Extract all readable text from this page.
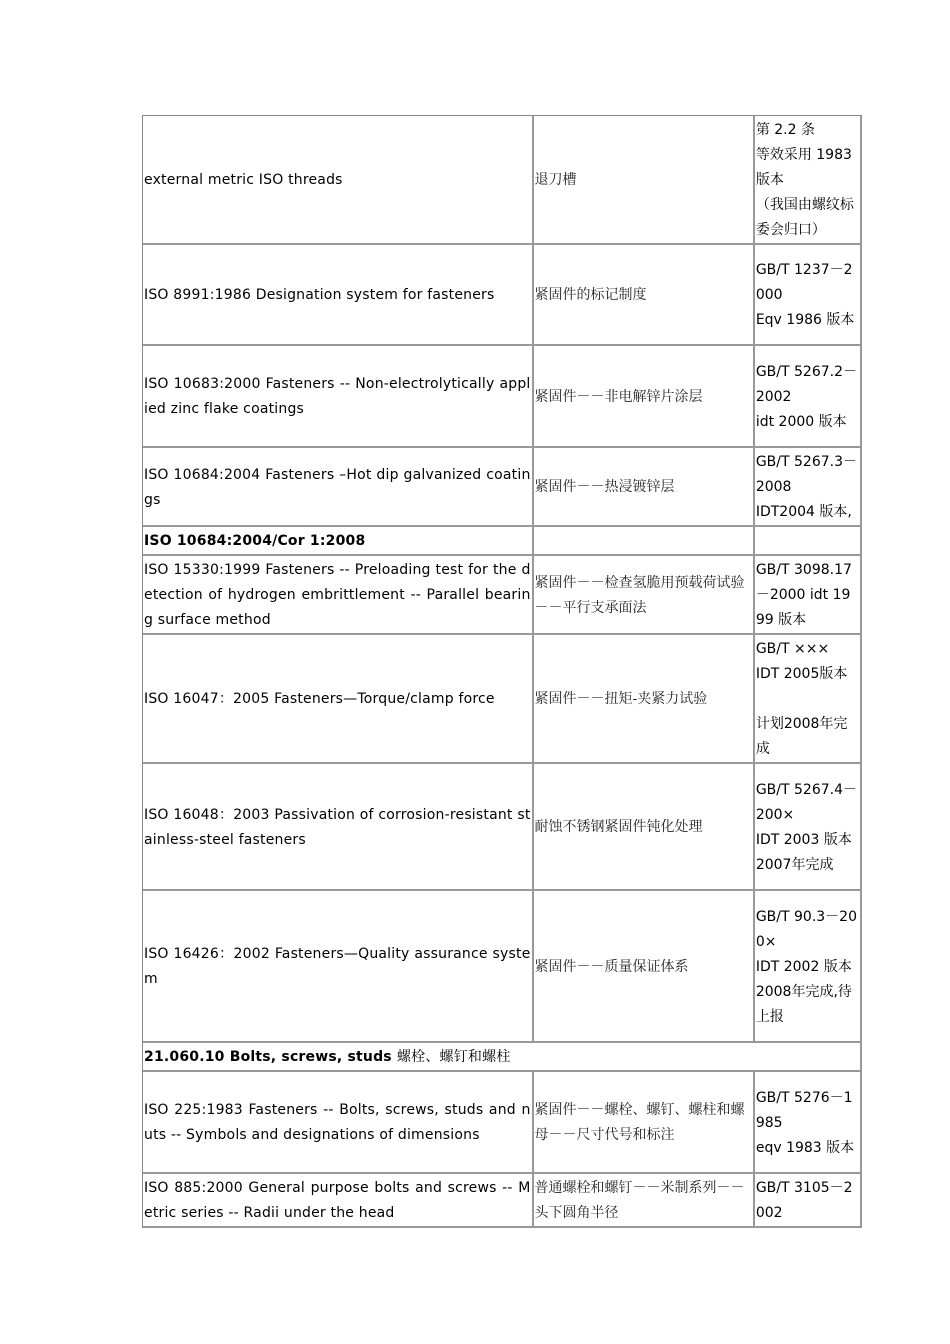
external metric ISO threads	退刀槽	第 2.2 条
等效采用 1983 版本
（我国由螺纹标委会归口）
ISO 8991:1986 Designation system for fasteners	紧固件的标记制度	GB/T 1237－2000
Eqv 1986 版本
ISO 10683:2000 Fasteners -- Non-electrolytically applied zinc flake coatings	紧固件－－非电解锌片涂层	GB/T 5267.2－2002
idt 2000 版本
ISO 10684:2004 Fasteners –Hot dip galvanized coatings	紧固件－－热浸镀锌层	GB/T 5267.3－2008
IDT2004 版本,
ISO 10684:2004/Cor 1:2008		
ISO 15330:1999 Fasteners -- Preloading test for the detection of hydrogen embrittlement -- Parallel bearing surface method	紧固件－－检查氢脆用预载荷试验－－平行支承面法	GB/T 3098.17－2000 idt 1999 版本
ISO 16047：2005 Fasteners—Torque/clamp force	紧固件－－扭矩-夹紧力试验	GB/T ×××
IDT 2005版本

计划2008年完成
ISO 16048：2003 Passivation of corrosion-resistant stainless-steel fasteners	耐蚀不锈钢紧固件钝化处理	GB/T 5267.4－200×
IDT 2003 版本
2007年完成
ISO 16426：2002 Fasteners—Quality assurance system	紧固件－－质量保证体系	GB/T 90.3－200×
IDT 2002 版本
2008年完成,待上报
21.060.10 Bolts, screws, studs 螺栓、螺钉和螺柱		
ISO 225:1983 Fasteners -- Bolts, screws, studs and nuts -- Symbols and designations of dimensions	紧固件－－螺栓、螺钉、螺柱和螺母－－尺寸代号和标注	GB/T 5276－1985
eqv 1983 版本
ISO 885:2000 General purpose bolts and screws -- Metric series -- Radii under the head	普通螺栓和螺钉－－米制系列－－头下圆角半径	GB/T 3105－2002
